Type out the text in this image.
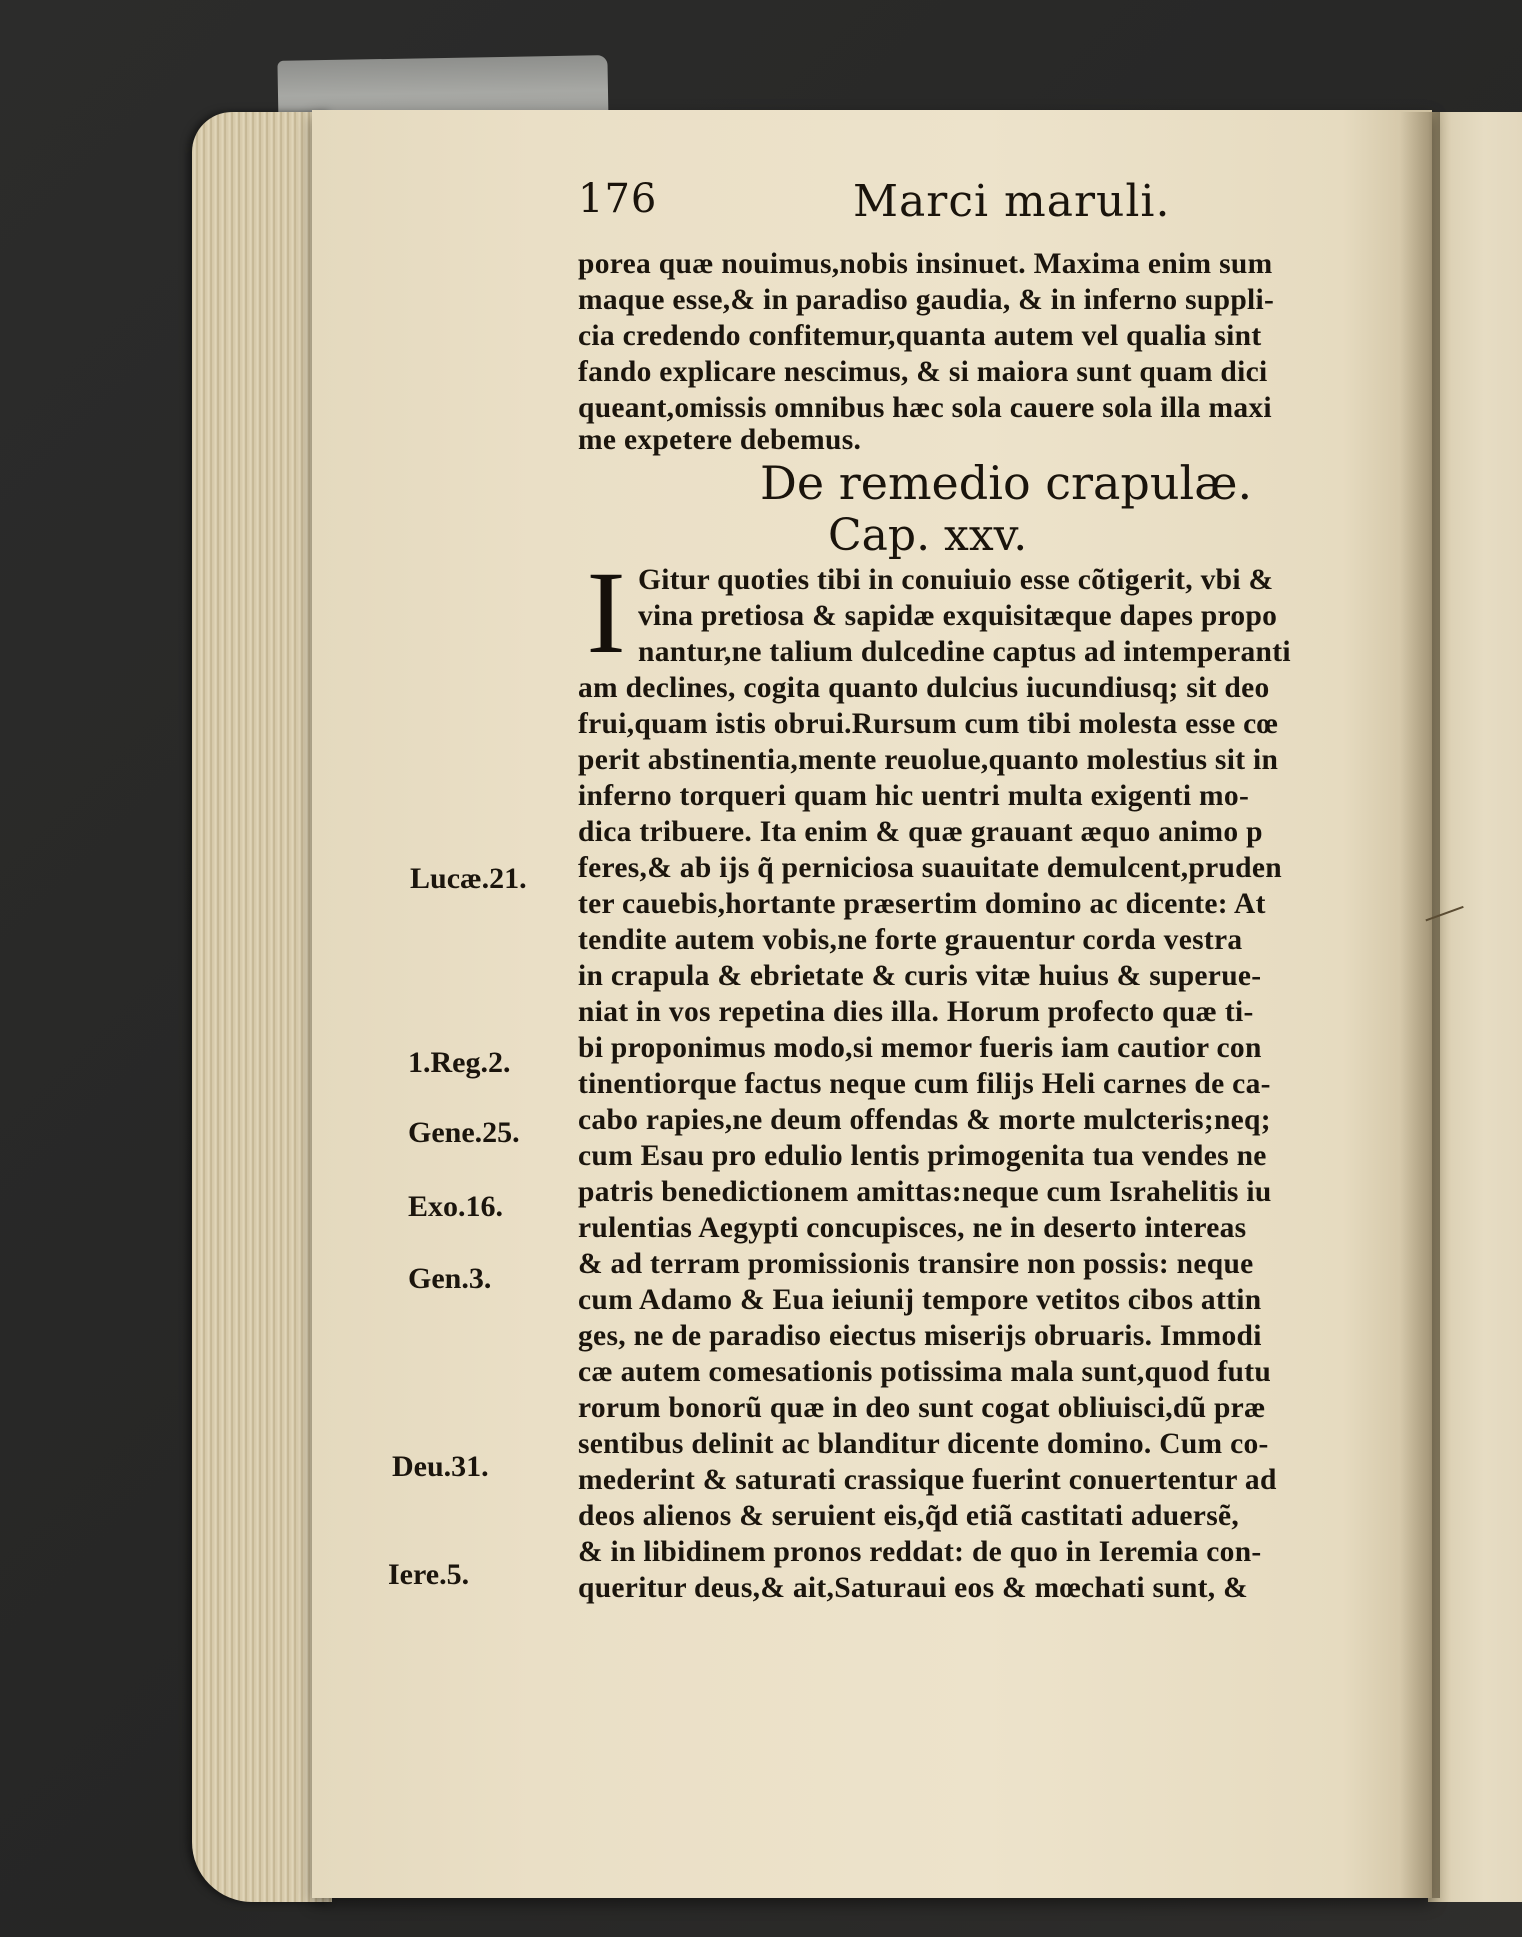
176	Marci maruli.
porea quæ nouimus,nobis insinuet. Maxima enim sum
maque esse,& in paradiso gaudia, & in inferno suppli-
cia credendo confitemur,quanta autem vel qualia sint
fando explicare nescimus, & si maiora sunt quam dici
queant,omissis omnibus hæc sola cauere sola illa maxi
me expetere debemus.
De remedio crapulæ.
Cap. xxv.
I Gitur quoties tibi in conuiuio esse cõtigerit, vbi &
vina pretiosa & sapidæ exquisitæque dapes propo
nantur,ne talium dulcedine captus ad intemperanti
am declines, cogita quanto dulcius iucundiusq; sit deo
frui,quam istis obrui.Rursum cum tibi molesta esse cœ
perit abstinentia,mente reuolue,quanto molestius sit in
inferno torqueri quam hic uentri multa exigenti mo-
dica tribuere. Ita enim & quæ grauant æquo animo p
feres,& ab ijs q̃ perniciosa suauitate demulcent,pruden
ter cauebis,hortante præsertim domino ac dicente: At
tendite autem vobis,ne forte grauentur corda vestra
in crapula & ebrietate & curis vitæ huius & superue-
niat in vos repetina dies illa. Horum profecto quæ ti-
bi proponimus modo,si memor fueris iam cautior con
tinentiorque factus neque cum filijs Heli carnes de ca-
cabo rapies,ne deum offendas & morte mulcteris;neq;
cum Esau pro edulio lentis primogenita tua vendes ne
patris benedictionem amittas:neque cum Israhelitis iu
rulentias Aegypti concupisces, ne in deserto intereas
& ad terram promissionis transire non possis: neque
cum Adamo & Eua ieiunij tempore vetitos cibos attin
ges, ne de paradiso eiectus miserijs obruaris. Immodi
cæ autem comesationis potissima mala sunt,quod futu
rorum bonorũ quæ in deo sunt cogat obliuisci,dũ præ
sentibus delinit ac blanditur dicente domino. Cum co-
mederint & saturati crassique fuerint conuertentur ad
deos alienos & seruient eis,q̃d etiã castitati aduersẽ,
& in libidinem pronos reddat: de quo in Ieremia con-
queritur deus,& ait,Saturaui eos & mœchati sunt, &
Lucæ.21.
1.Reg.2.
Gene.25.
Exo.16.
Gen.3.
Deu.31.
Iere.5.
